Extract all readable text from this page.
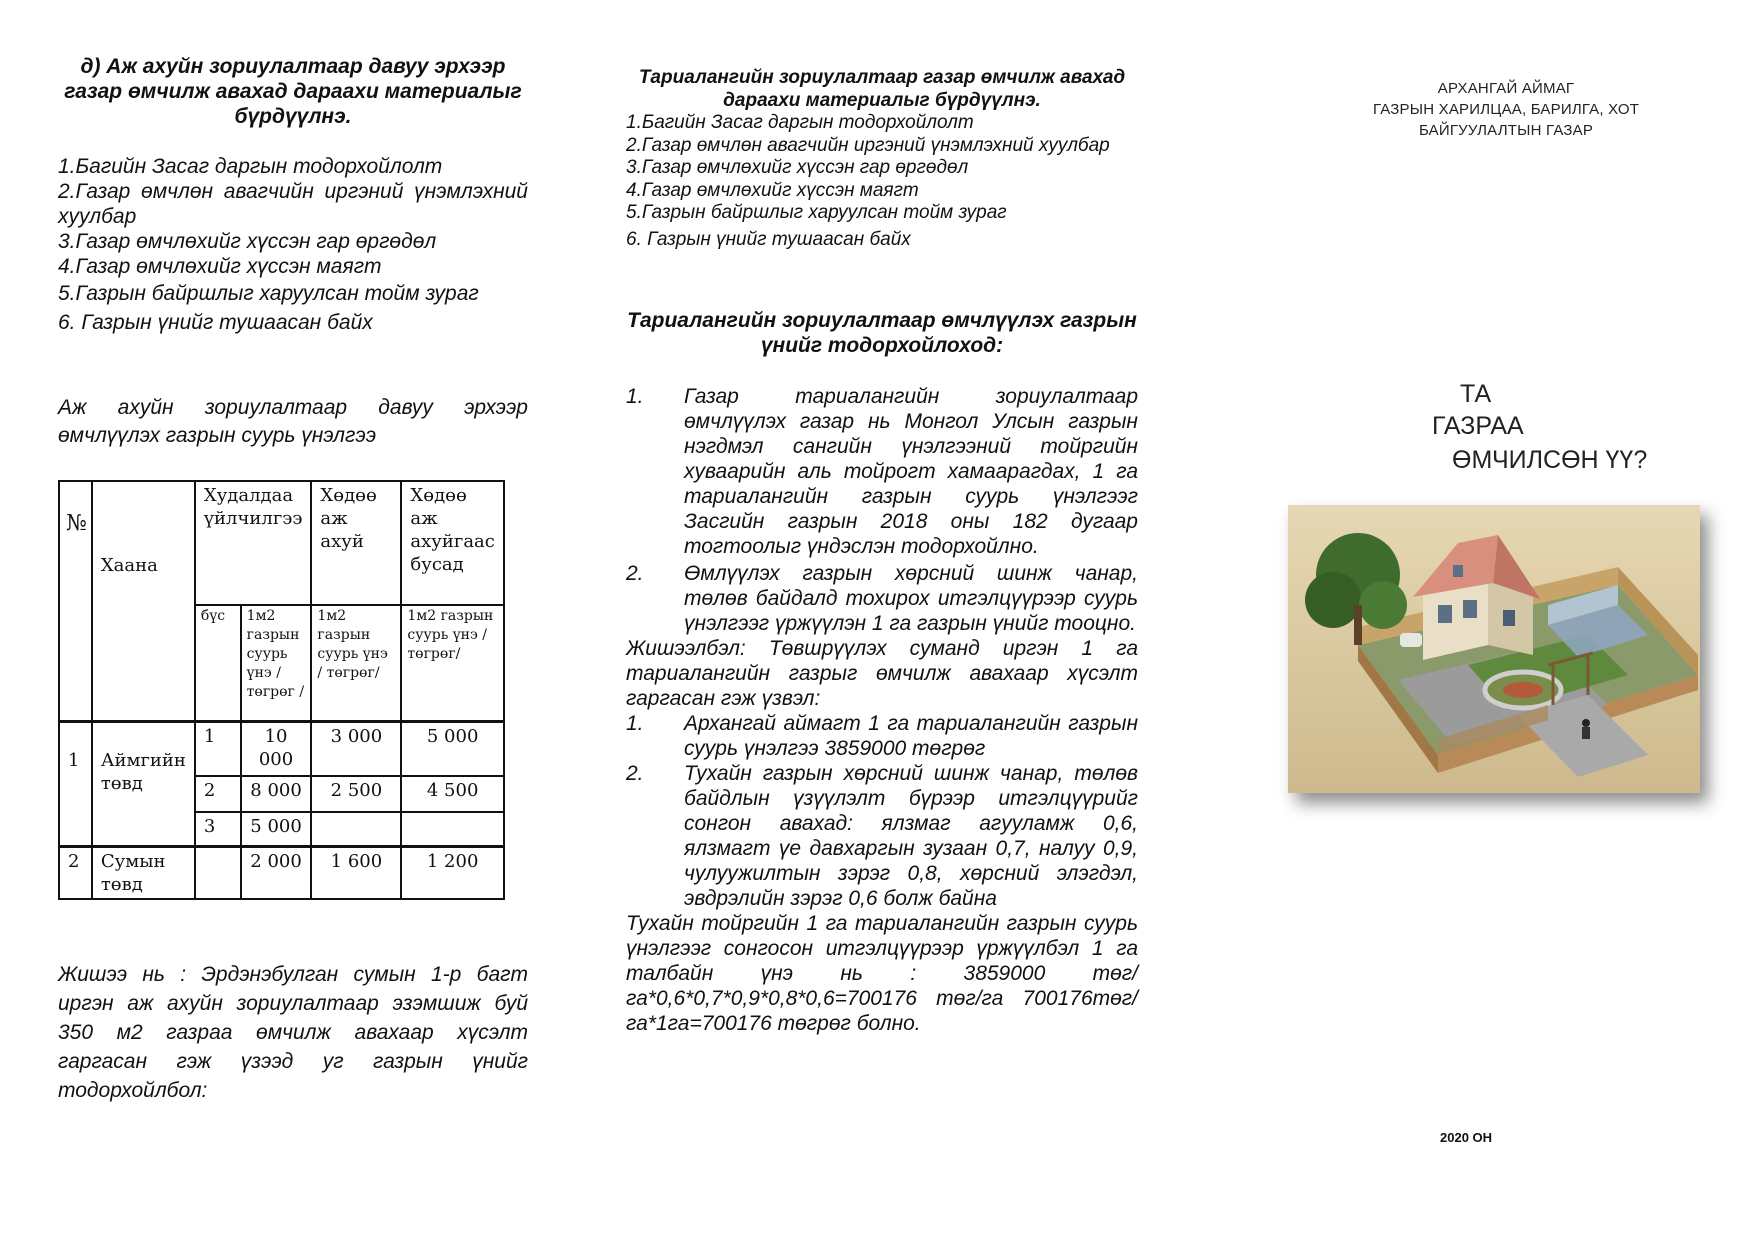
д) Аж ахуйн зориулалтаар давуу эрхээр газар өмчилж авахад дараахи материалыг бүрдүүлнэ.

1.Багийн Засаг даргын тодорхойлолт
2.Газар өмчлөн авагчийн иргэний үнэмлэхний хуулбар
3.Газар өмчлөхийг хүссэн гар өргөдөл
4.Газар өмчлөхийг хүссэн маягт
5.Газрын байршлыг харуулсан тойм зураг
6. Газрын үнийг тушаасан байх

Аж ахуйн зориулалтаар давуу эрхээр өмчлүүлэх газрын суурь үнэлгээ

№	Хаана	Худалдаа үйлчилгээ		Хөдөө аж ахуй	Хөдөө аж ахуйгаас бусад
		бүс	1м2 газрын суурь үнэ / төгрөг /	1м2 газрын суурь үнэ / төгрөг/	1м2 газрын суурь үнэ / төгрөг/
1	Аймгийн төвд	1	10 000	3 000	5 000
		2	8 000	2 500	4 500
		3	5 000		
2	Сумын төвд		2 000	1 600	1 200

Жишээ нь : Эрдэнэбулган сумын 1-р багт иргэн аж ахуйн зориулалтаар эзэмшиж буй 350 м2 газраа өмчилж авахаар хүсэлт гаргасан гэж үзээд уг газрын үнийг тодорхойлбол:

Тариалангийн зориулалтаар газар өмчилж авахад дараахи материалыг бүрдүүлнэ.

1.Багийн Засаг даргын тодорхойлолт
2.Газар өмчлөн авагчийн иргэний үнэмлэхний хуулбар
3.Газар өмчлөхийг хүссэн гар өргөдөл
4.Газар өмчлөхийг хүссэн маягт
5.Газрын байршлыг харуулсан тойм зураг
6. Газрын үнийг тушаасан байх

Тариалангийн зориулалтаар өмчлүүлэх газрын үнийг тодорхойлоход:

1.	Газар тариалангийн зориулалтаар өмчлүүлэх газар нь Монгол Улсын газрын нэгдмэл сангийн үнэлгээний тойргийн хуваарийн аль тойрогт хамаарагдах, 1 га тариалангийн газрын суурь үнэлгээг Засгийн газрын 2018 оны 182 дугаар тогтоолыг үндэслэн тодорхойлно.
2.	Өмлүүлэх газрын хөрсний шинж чанар, төлөв байдалд тохирох итгэлцүүрээр суурь үнэлгээг үржүүлэн 1 га газрын үнийг тооцно.
Жишээлбэл: Төвшрүүлэх суманд иргэн 1 га тариалангийн газрыг өмчилж авахаар хүсэлт гаргасан гэж үзвэл:
1.	Архангай аймагт 1 га тариалангийн газрын суурь үнэлгээ 3859000 төгрөг
2.	Тухайн газрын хөрсний шинж чанар, төлөв байдлын үзүүлэлт бүрээр итгэлцүүрийг сонгон авахад: ялзмаг агууламж 0,6, ялзмагт үе давхаргын зузаан 0,7, налуу 0,9, чулуужилтын зэрэг 0,8, хөрсний элэгдэл, эвдрэлийн зэрэг 0,6 болж байна
Тухайн тойргийн 1 га тариалангийн газрын суурь үнэлгээг сонгосон итгэлцүүрээр үржүүлбэл 1 га талбайн үнэ нь : 3859000 төг/га*0,6*0,7*0,9*0,8*0,6=700176 төг/га 700176төг/га*1га=700176 төгрөг болно.
АРХАНГАЙ АЙМАГ
ГАЗРЫН ХАРИЛЦАА, БАРИЛГА, ХОТ
БАЙГУУЛАЛТЫН ГАЗАР
ТА
ГАЗРАА
ӨМЧИЛСӨН ҮҮ?
2020 ОН
